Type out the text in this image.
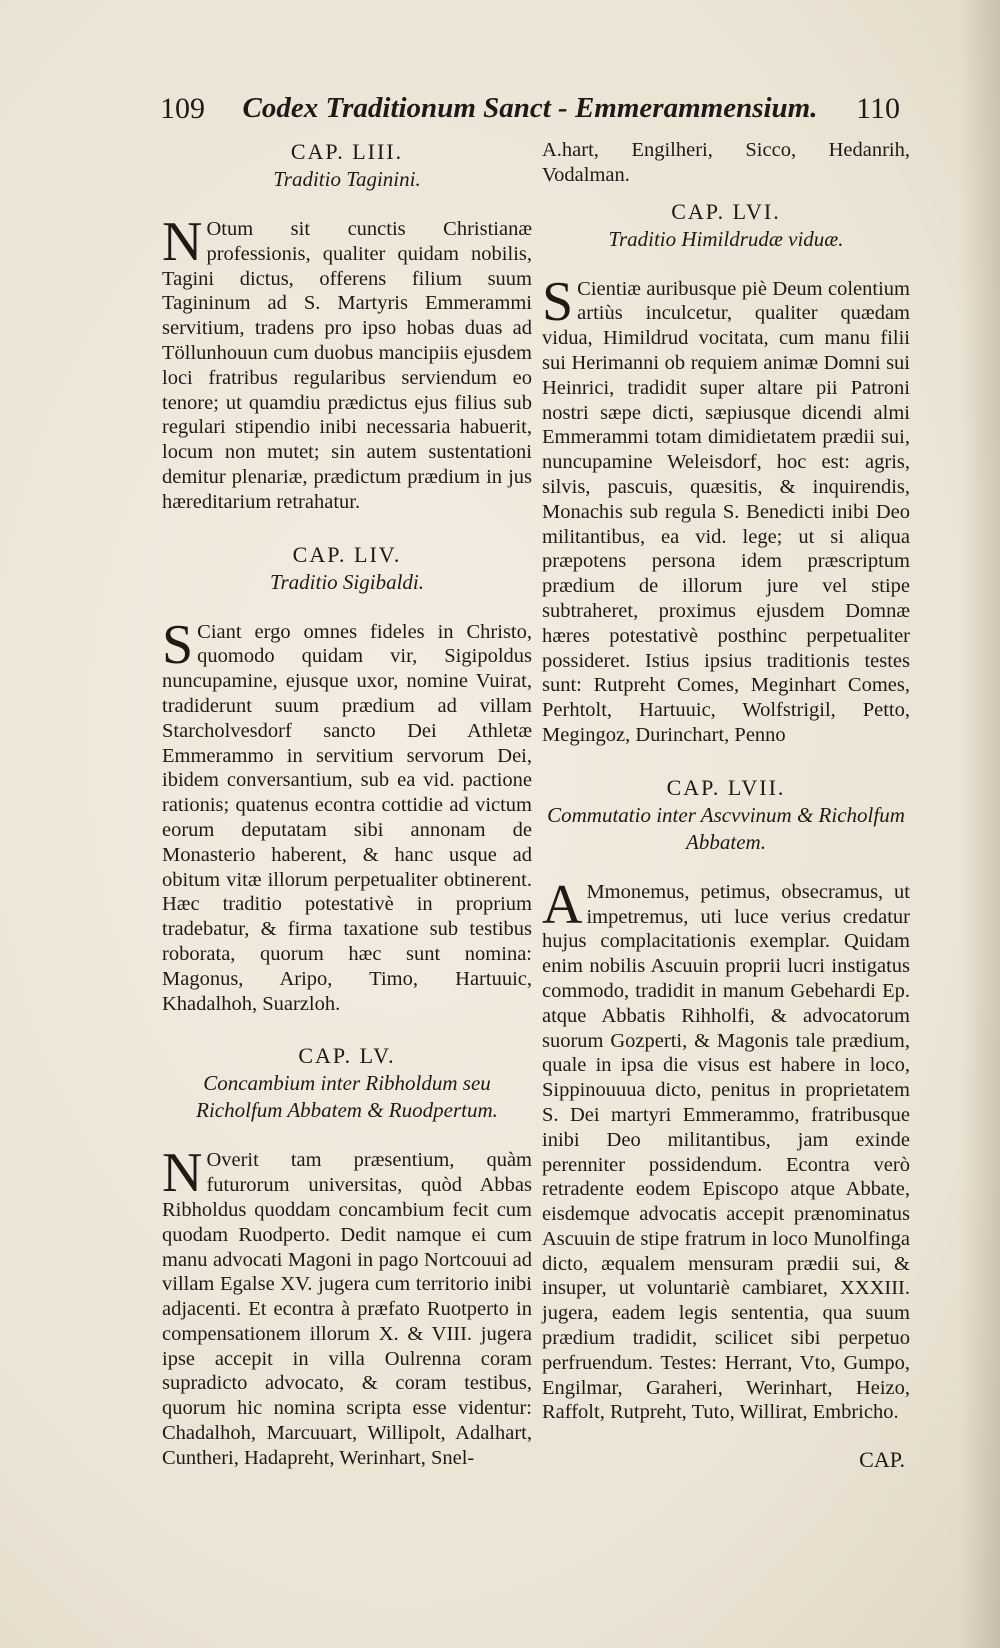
109	Codex Traditionum Sanct - Emmerammensium.	110

CAP. LIII.

Traditio Taginini.

N Otum sit cunctis Christianæ professionis, qualiter quidam nobilis, Tagini dictus, offerens filium suum Tagininum ad S. Martyris Emmerammi servitium, tradens pro ipso hobas duas ad Töllunhouun cum duobus mancipiis ejusdem loci fratribus regularibus serviendum eo tenore; ut quamdiu prædictus ejus filius sub regulari stipendio inibi necessaria habuerit, locum non mutet; sin autem sustentationi demitur plenariæ, prædictum prædium in jus hæreditarium retrahatur.

CAP. LIV.

Traditio Sigibaldi.

S Ciant ergo omnes fideles in Christo, quomodo quidam vir, Sigipoldus nuncupamine, ejusque uxor, nomine Vuirat, tradiderunt suum prædium ad villam Starcholvesdorf sancto Dei Athletæ Emmerammo in servitium servorum Dei, ibidem conversantium, sub ea vid. pactione rationis; quatenus econtra cottidie ad victum eorum deputatam sibi annonam de Monasterio haberent, & hanc usque ad obitum vitæ illorum perpetualiter obtinerent. Hæc traditio potestativè in proprium tradebatur, & firma taxatione sub testibus roborata, quorum hæc sunt nomina: Magonus, Aripo, Timo, Hartuuic, Khadalhoh, Suarzloh.

CAP. LV.

Concambium inter Ribholdum seu Richolfum Abbatem & Ruodpertum.

N Overit tam præsentium, quàm futurorum universitas, quòd Abbas Ribholdus quoddam concambium fecit cum quodam Ruodperto. Dedit namque ei cum manu advocati Magoni in pago Nortcouui ad villam Egalse XV. jugera cum territorio inibi adjacenti. Et econtra à præfato Ruotperto in compensationem illorum X. & VIII. jugera ipse accepit in villa Oulrenna coram supradicto advocato, & coram testibus, quorum hic nomina scripta esse videntur: Chadalhoh, Marcuuart, Willipolt, Adalhart, Cuntheri, Hadapreht, Werinhart, Snel-

A.hart, Engilheri, Sicco, Hedanrih, Vodalman.

CAP. LVI.

Traditio Himildrudæ viduæ.

S Cientiæ auribusque piè Deum colentium artiùs inculcetur, qualiter quædam vidua, Himildrud vocitata, cum manu filii sui Herimanni ob requiem animæ Domni sui Heinrici, tradidit super altare pii Patroni nostri sæpe dicti, sæpiusque dicendi almi Emmerammi totam dimidietatem prædii sui, nuncupamine Weleisdorf, hoc est: agris, silvis, pascuis, quæsitis, & inquirendis, Monachis sub regula S. Benedicti inibi Deo militantibus, ea vid. lege; ut si aliqua præpotens persona idem præscriptum prædium de illorum jure vel stipe subtraheret, proximus ejusdem Domnæ hæres potestativè posthinc perpetualiter possideret. Istius ipsius traditionis testes sunt: Rutpreht Comes, Meginhart Comes, Perhtolt, Hartuuic, Wolfstrigil, Petto, Megingoz, Durinchart, Penno

CAP. LVII.

Commutatio inter Ascvvinum & Richolfum Abbatem.

A Mmonemus, petimus, obsecramus, ut impetremus, uti luce verius credatur hujus complacitationis exemplar. Quidam enim nobilis Ascuuin proprii lucri instigatus commodo, tradidit in manum Gebehardi Ep. atque Abbatis Rihholfi, & advocatorum suorum Gozperti, & Magonis tale prædium, quale in ipsa die visus est habere in loco, Sippinouuua dicto, penitus in proprietatem S. Dei martyri Emmerammo, fratribusque inibi Deo militantibus, jam exinde perenniter possidendum. Econtra verò retradente eodem Episcopo atque Abbate, eisdemque advocatis accepit prænominatus Ascuuin de stipe fratrum in loco Munolfinga dicto, æqualem mensuram prædii sui, & insuper, ut voluntariè cambiaret, XXXIII. jugera, eadem legis sententia, qua suum prædium tradidit, scilicet sibi perpetuo perfruendum. Testes: Herrant, Vto, Gumpo, Engilmar, Garaheri, Werinhart, Heizo, Raffolt, Rutpreht, Tuto, Willirat, Embricho.

CAP.
